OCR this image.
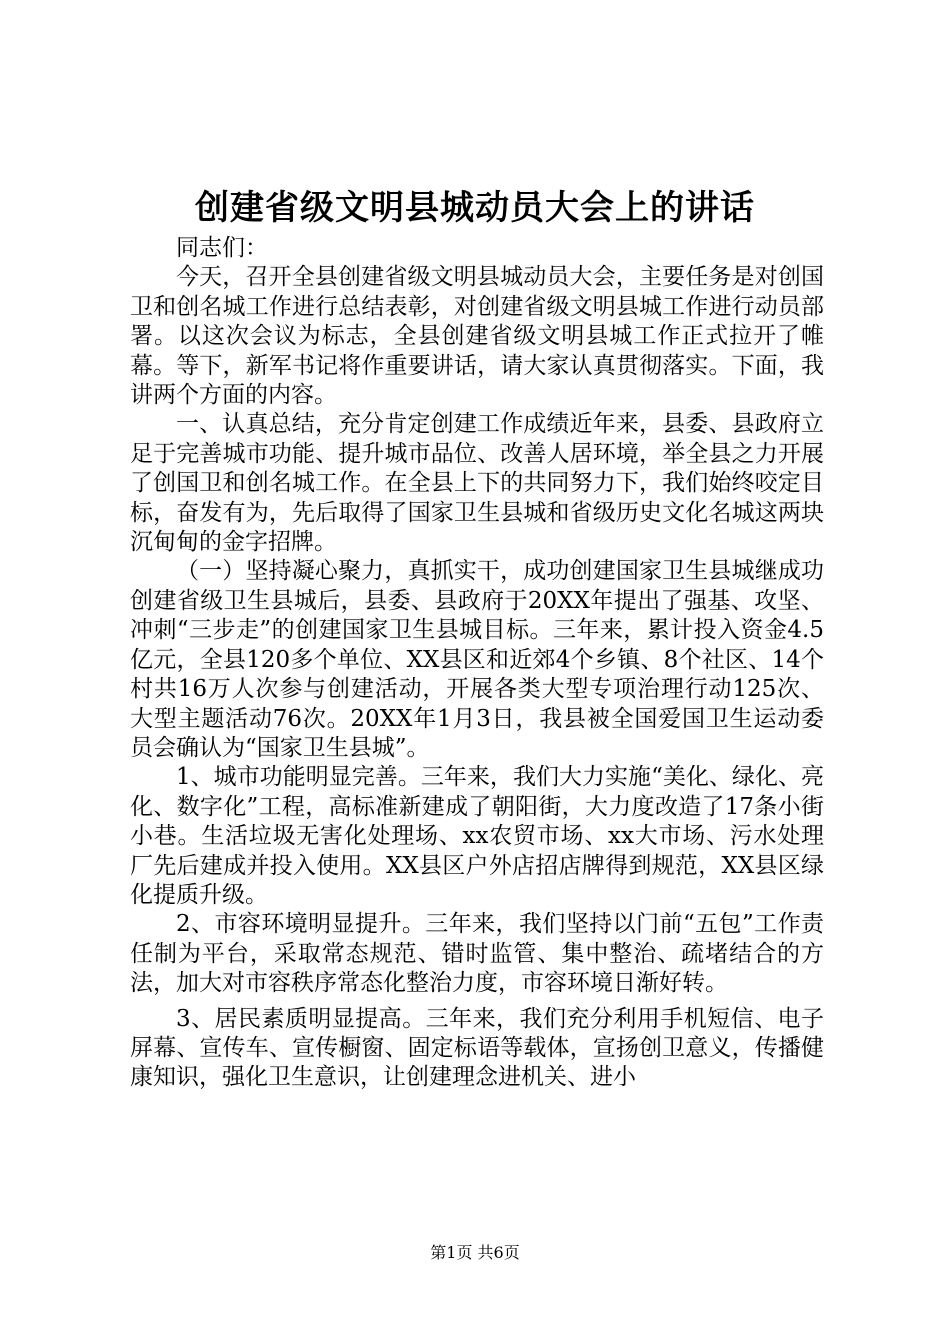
创建省级文明县城动员大会上的讲话

同志们：

今天，召开全县创建省级文明县城动员大会，主要任务是对创国卫和创名城工作进行总结表彰，对创建省级文明县城工作进行动员部署。以这次会议为标志，全县创建省级文明县城工作正式拉开了帷幕。等下，新军书记将作重要讲话，请大家认真贯彻落实。下面，我讲两个方面的内容。

一、认真总结，充分肯定创建工作成绩近年来，县委、县政府立足于完善城市功能、提升城市品位、改善人居环境，举全县之力开展了创国卫和创名城工作。在全县上下的共同努力下，我们始终咬定目标，奋发有为，先后取得了国家卫生县城和省级历史文化名城这两块沉甸甸的金字招牌。

（一）坚持凝心聚力，真抓实干，成功创建国家卫生县城继成功创建省级卫生县城后，县委、县政府于20XX年提出了强基、攻坚、冲刺“三步走”的创建国家卫生县城目标。三年来，累计投入资金4.5亿元，全县120多个单位、XX县区和近郊4个乡镇、8个社区、14个村共16万人次参与创建活动，开展各类大型专项治理行动125次、大型主题活动76次。20XX年1月3日，我县被全国爱国卫生运动委员会确认为“国家卫生县城”。

1、城市功能明显完善。三年来，我们大力实施“美化、绿化、亮化、数字化”工程，高标准新建成了朝阳街，大力度改造了17条小街小巷。生活垃圾无害化处理场、xx农贸市场、xx大市场、污水处理厂先后建成并投入使用。XX县区户外店招店牌得到规范，XX县区绿化提质升级。

2、市容环境明显提升。三年来，我们坚持以门前“五包”工作责任制为平台，采取常态规范、错时监管、集中整治、疏堵结合的方法，加大对市容秩序常态化整治力度，市容环境日渐好转。

3、居民素质明显提高。三年来，我们充分利用手机短信、电子屏幕、宣传车、宣传橱窗、固定标语等载体，宣扬创卫意义，传播健康知识，强化卫生意识，让创建理念进机关、进小

第1页 共6页
